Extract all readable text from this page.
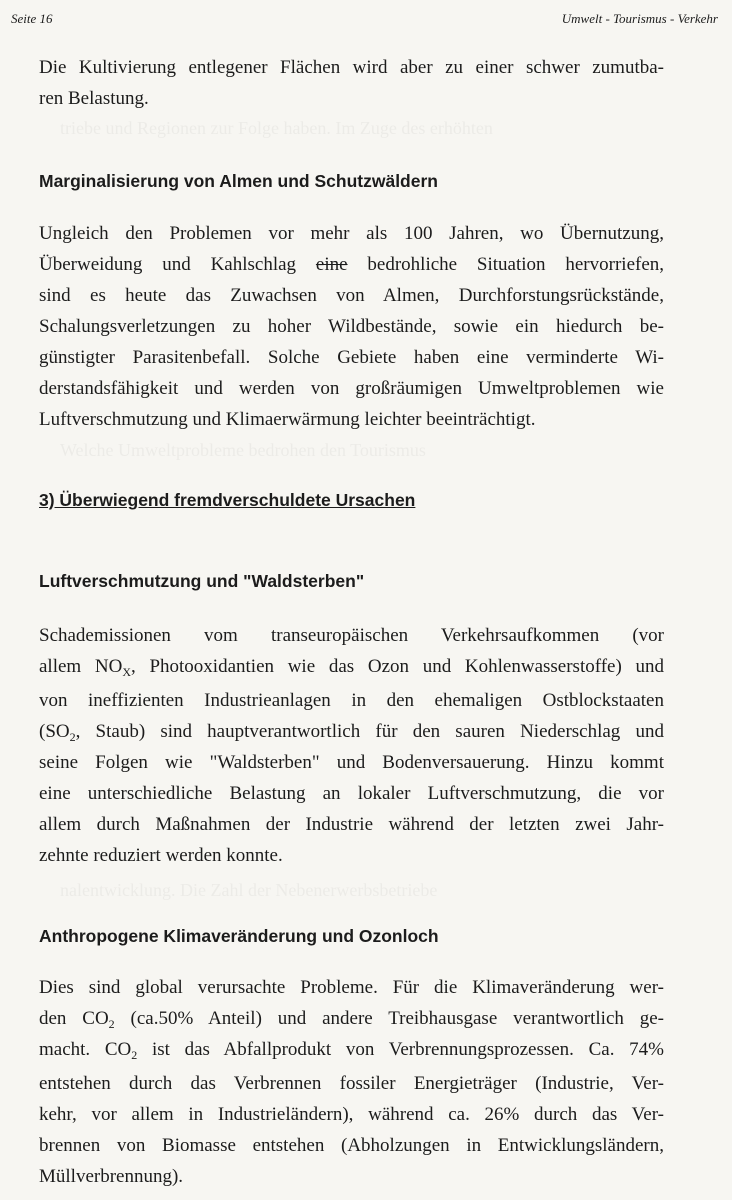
triebe und Regionen zur Folge haben. Im Zuge des erhöhten
Welche Umweltprobleme bedrohen den Tourismus
nalentwicklung. Die Zahl der Nebenerwerbsbetriebe
Seite 16	Umwelt - Tourismus - Verkehr

Die Kultivierung entlegener Flächen wird aber zu einer schwer zumutba-
ren Belastung.

Marginalisierung von Almen und Schutzwäldern

Ungleich den Problemen vor mehr als 100 Jahren, wo Übernutzung,
Überweidung und Kahlschlag eine bedrohliche Situation hervorriefen,
sind es heute das Zuwachsen von Almen, Durchforstungsrückstände,
Schalungsverletzungen zu hoher Wildbestände, sowie ein hiedurch be-
günstigter Parasitenbefall. Solche Gebiete haben eine verminderte Wi-
derstandsfähigkeit und werden von großräumigen Umweltproblemen wie
Luftverschmutzung und Klimaerwärmung leichter beeinträchtigt.

3) Überwiegend fremdverschuldete Ursachen
Luftverschmutzung und "Waldsterben"

Schademissionen vom transeuropäischen Verkehrsaufkommen (vor
allem $NO_X$, Photooxidantien wie das Ozon und Kohlenwasserstoffe) und
von ineffizienten Industrieanlagen in den ehemaligen Ostblockstaaten
($SO_2$, Staub) sind hauptverantwortlich für den sauren Niederschlag und
seine Folgen wie "Waldsterben" und Bodenversauerung. Hinzu kommt
eine unterschiedliche Belastung an lokaler Luftverschmutzung, die vor
allem durch Maßnahmen der Industrie während der letzten zwei Jahr-
zehnte reduziert werden konnte.

Anthropogene Klimaveränderung und Ozonloch

Dies sind global verursachte Probleme. Für die Klimaveränderung wer-
den $CO_2$ (ca.50% Anteil) und andere Treibhausgase verantwortlich ge-
macht. $CO_2$ ist das Abfallprodukt von Verbrennungsprozessen. Ca. 74%
entstehen durch das Verbrennen fossiler Energieträger (Industrie, Ver-
kehr, vor allem in Industrieländern), während ca. 26% durch das Ver-
brennen von Biomasse entstehen (Abholzungen in Entwicklungsländern,
Müllverbrennung).
